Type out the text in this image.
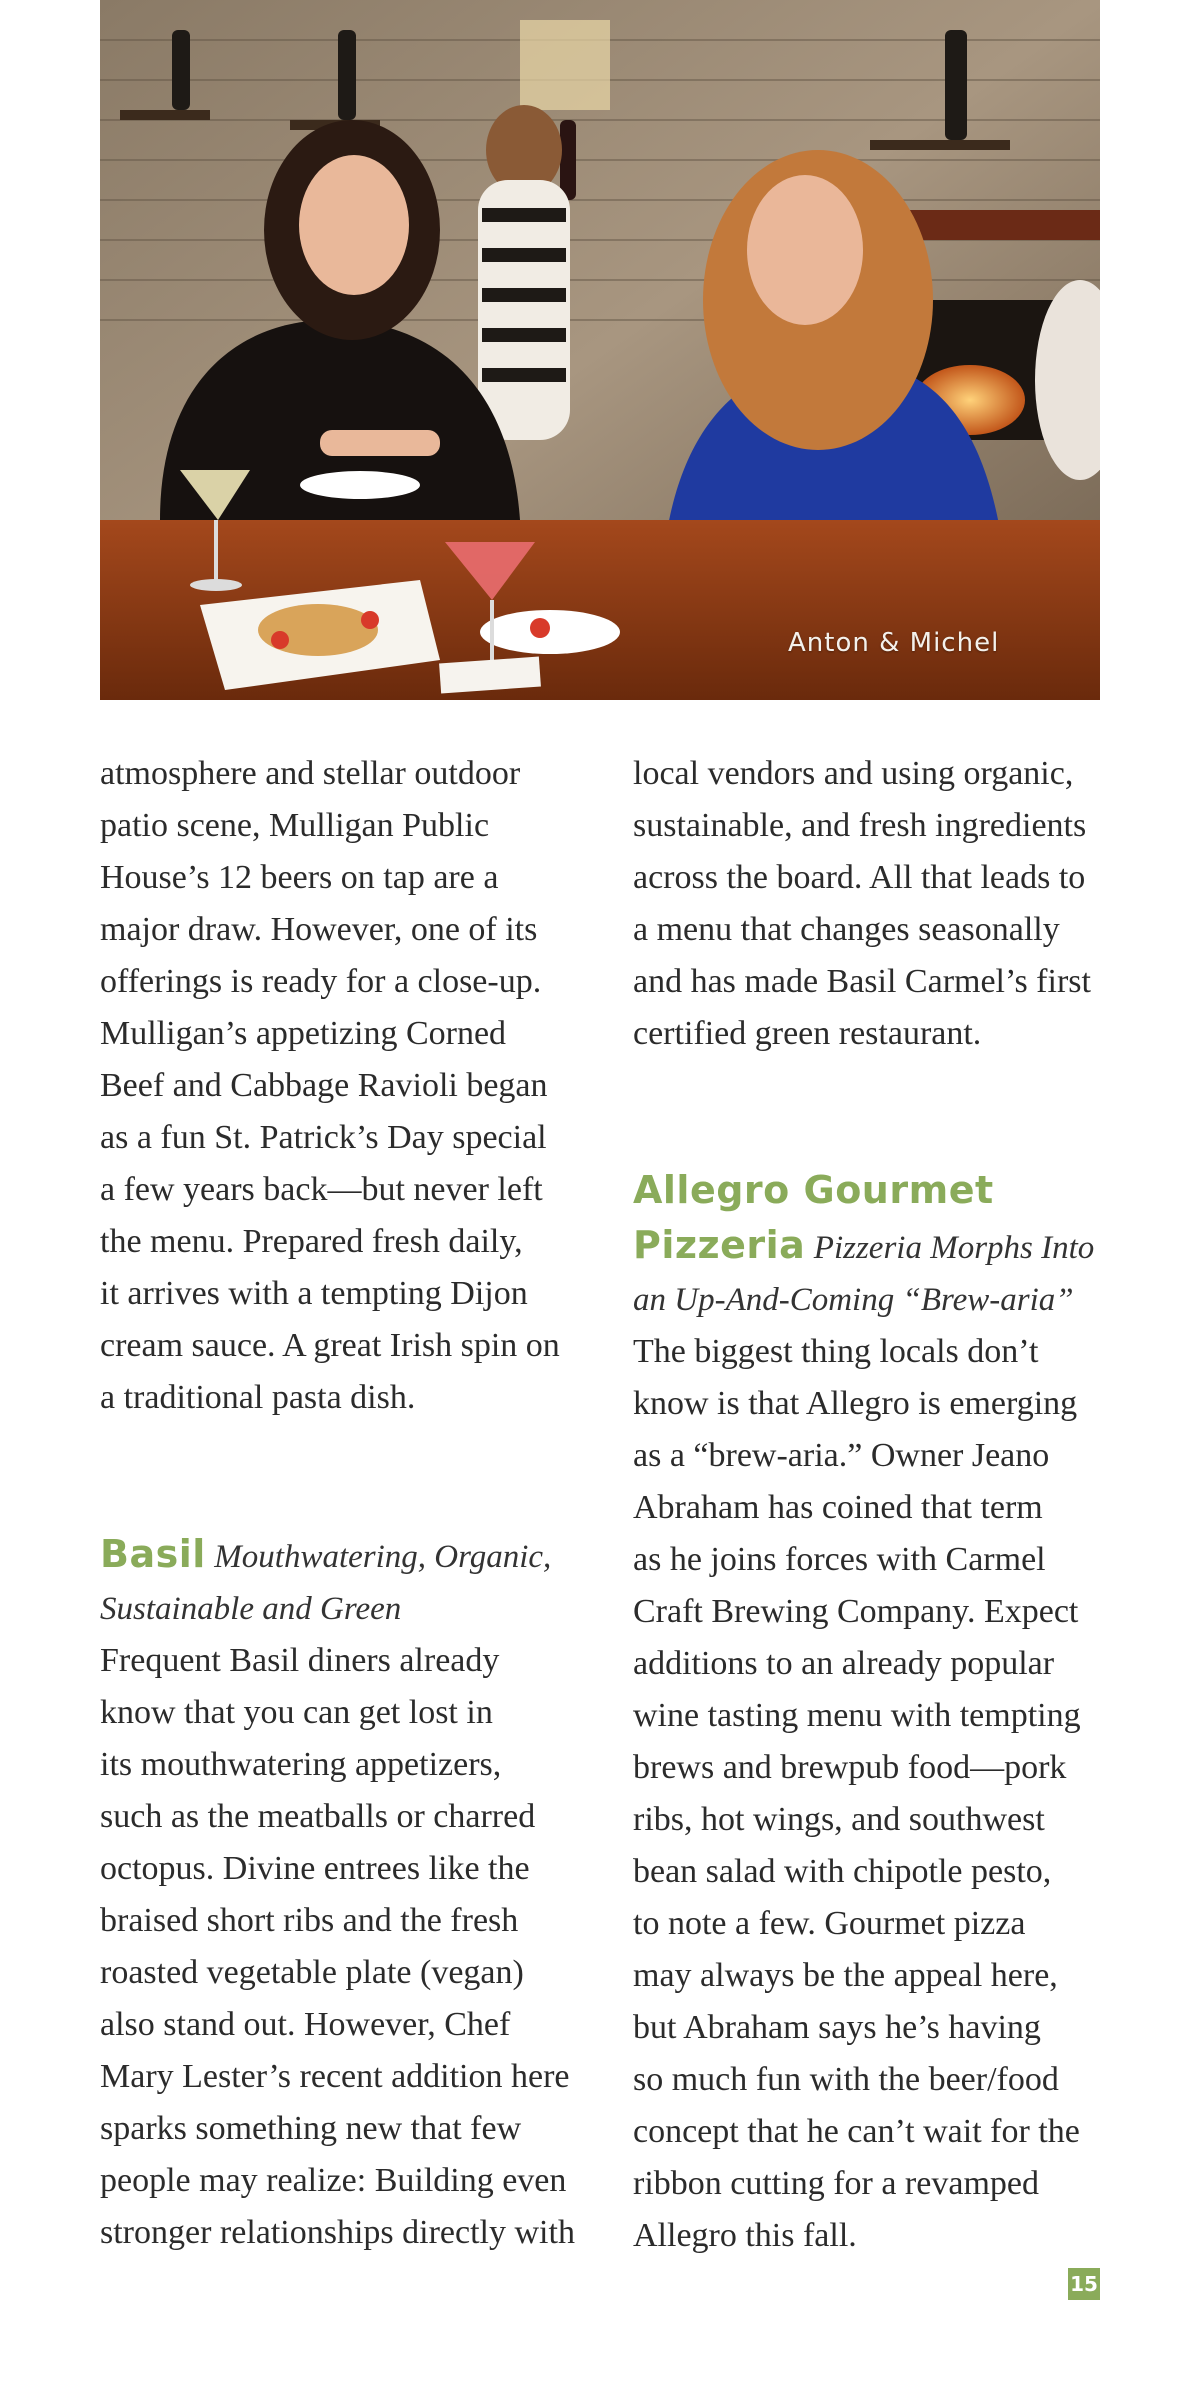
Anton & Michel

atmosphere and stellar outdoor
patio scene, Mulligan Public
House’s 12 beers on tap are a
major draw. However, one of its
offerings is ready for a close-up.
Mulligan’s appetizing Corned
Beef and Cabbage Ravioli began
as a fun St. Patrick’s Day special
a few years back—but never left
the menu. Prepared fresh daily,
it arrives with a tempting Dijon
cream sauce. A great Irish spin on
a traditional pasta dish.

Basil Mouthwatering, Organic, Sustainable and Green

Frequent Basil diners already
know that you can get lost in
its mouthwatering appetizers,
such as the meatballs or charred
octopus. Divine entrees like the
braised short ribs and the fresh
roasted vegetable plate (vegan)
also stand out. However, Chef
Mary Lester’s recent addition here
sparks something new that few
people may realize: Building even
stronger relationships directly with

local vendors and using organic,
sustainable, and fresh ingredients
across the board. All that leads to
a menu that changes seasonally
and has made Basil Carmel’s first
certified green restaurant.

Allegro Gourmet
Pizzeria Pizzeria Morphs Into an Up-And-Coming “Brew-aria”

The biggest thing locals don’t
know is that Allegro is emerging
as a “brew-aria.” Owner Jeano
Abraham has coined that term
as he joins forces with Carmel
Craft Brewing Company. Expect
additions to an already popular
wine tasting menu with tempting
brews and brewpub food—pork
ribs, hot wings, and southwest
bean salad with chipotle pesto,
to note a few. Gourmet pizza
may always be the appeal here,
but Abraham says he’s having
so much fun with the beer/food
concept that he can’t wait for the
ribbon cutting for a revamped
Allegro this fall.

15
